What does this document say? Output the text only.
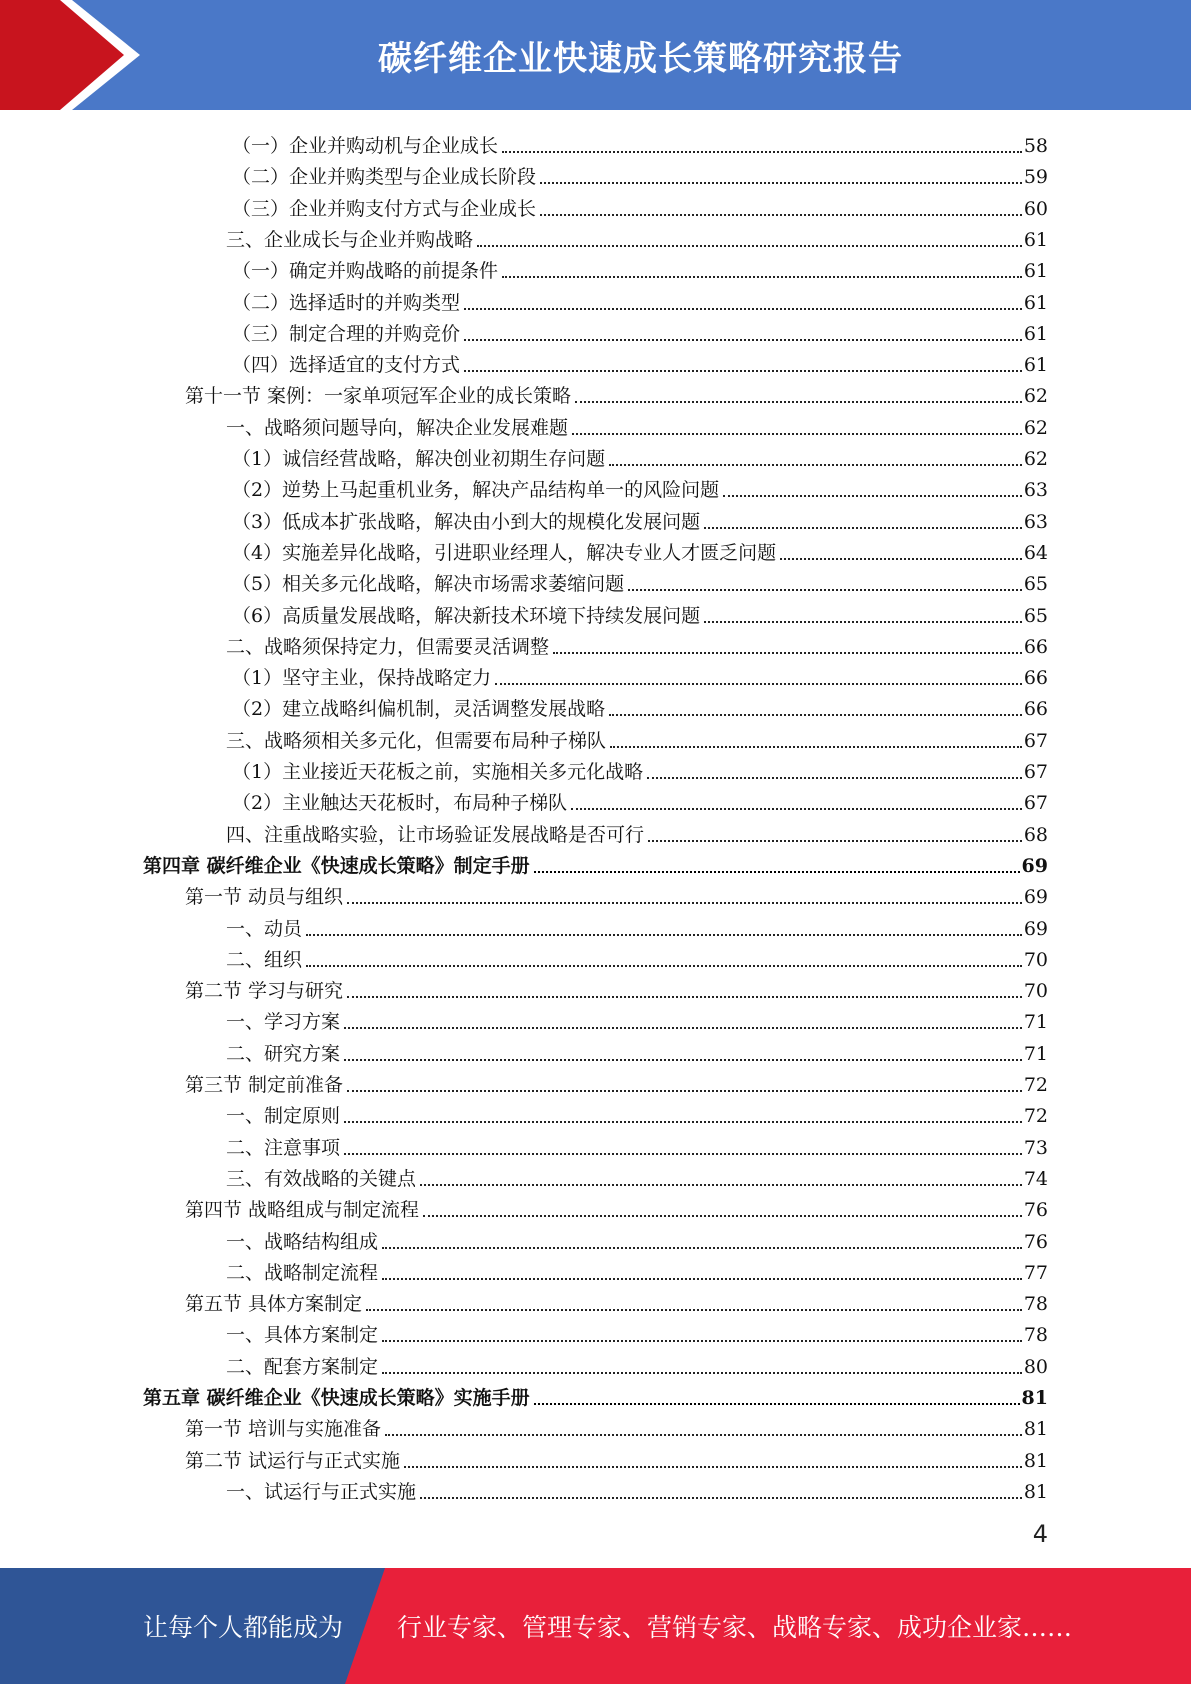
碳纤维企业快速成长策略研究报告
（一）企业并购动机与企业成长	58
（二）企业并购类型与企业成长阶段	59
（三）企业并购支付方式与企业成长	60
三、企业成长与企业并购战略	61
（一）确定并购战略的前提条件	61
（二）选择适时的并购类型	61
（三）制定合理的并购竞价	61
（四）选择适宜的支付方式	61
第十一节 案例：一家单项冠军企业的成长策略	62
一、战略须问题导向，解决企业发展难题	62
（1）诚信经营战略，解决创业初期生存问题	62
（2）逆势上马起重机业务，解决产品结构单一的风险问题	63
（3）低成本扩张战略，解决由小到大的规模化发展问题	63
（4）实施差异化战略，引进职业经理人，解决专业人才匮乏问题	64
（5）相关多元化战略，解决市场需求萎缩问题	65
（6）高质量发展战略，解决新技术环境下持续发展问题	65
二、战略须保持定力，但需要灵活调整	66
（1）坚守主业，保持战略定力	66
（2）建立战略纠偏机制，灵活调整发展战略	66
三、战略须相关多元化，但需要布局种子梯队	67
（1）主业接近天花板之前，实施相关多元化战略	67
（2）主业触达天花板时，布局种子梯队	67
四、注重战略实验，让市场验证发展战略是否可行	68
第四章 碳纤维企业《快速成长策略》制定手册	69
第一节 动员与组织	69
一、动员	69
二、组织	70
第二节 学习与研究	70
一、学习方案	71
二、研究方案	71
第三节 制定前准备	72
一、制定原则	72
二、注意事项	73
三、有效战略的关键点	74
第四节 战略组成与制定流程	76
一、战略结构组成	76
二、战略制定流程	77
第五节 具体方案制定	78
一、具体方案制定	78
二、配套方案制定	80
第五章 碳纤维企业《快速成长策略》实施手册	81
第一节 培训与实施准备	81
第二节 试运行与正式实施	81
一、试运行与正式实施	81
4
让每个人都能成为 行业专家、管理专家、营销专家、战略专家、成功企业家……
